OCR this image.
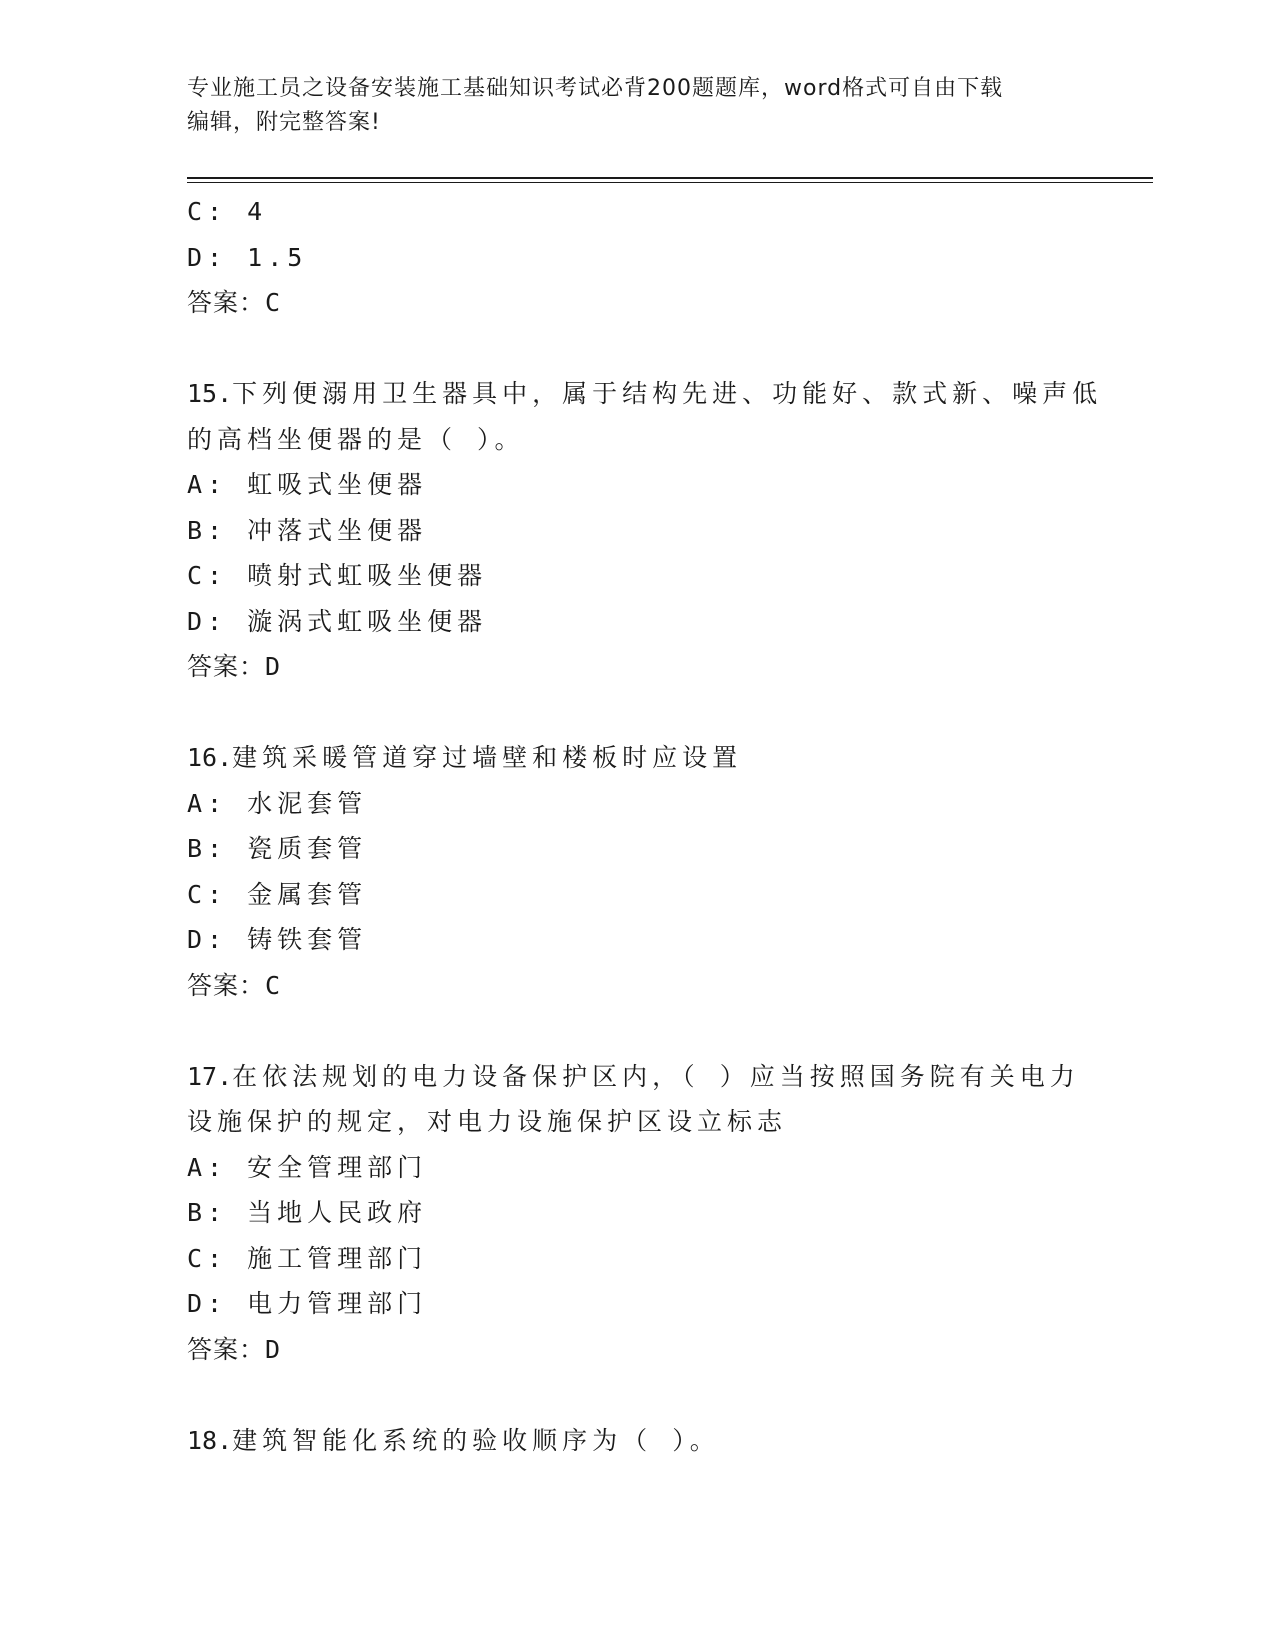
专业施工员之设备安装施工基础知识考试必背200题题库，word格式可自由下载
编辑，附完整答案!
C: 4
D: 1.5
答案：C
15.下列便溺用卫生器具中，属于结构先进、功能好、款式新、噪声低
的高档坐便器的是（ ）。
A: 虹吸式坐便器
B: 冲落式坐便器
C: 喷射式虹吸坐便器
D: 漩涡式虹吸坐便器
答案：D
16.建筑采暖管道穿过墙壁和楼板时应设置
A: 水泥套管
B: 瓷质套管
C: 金属套管
D: 铸铁套管
答案：C
17.在依法规划的电力设备保护区内，（ ）应当按照国务院有关电力
设施保护的规定，对电力设施保护区设立标志
A: 安全管理部门
B: 当地人民政府
C: 施工管理部门
D: 电力管理部门
答案：D
18.建筑智能化系统的验收顺序为（ ）。
